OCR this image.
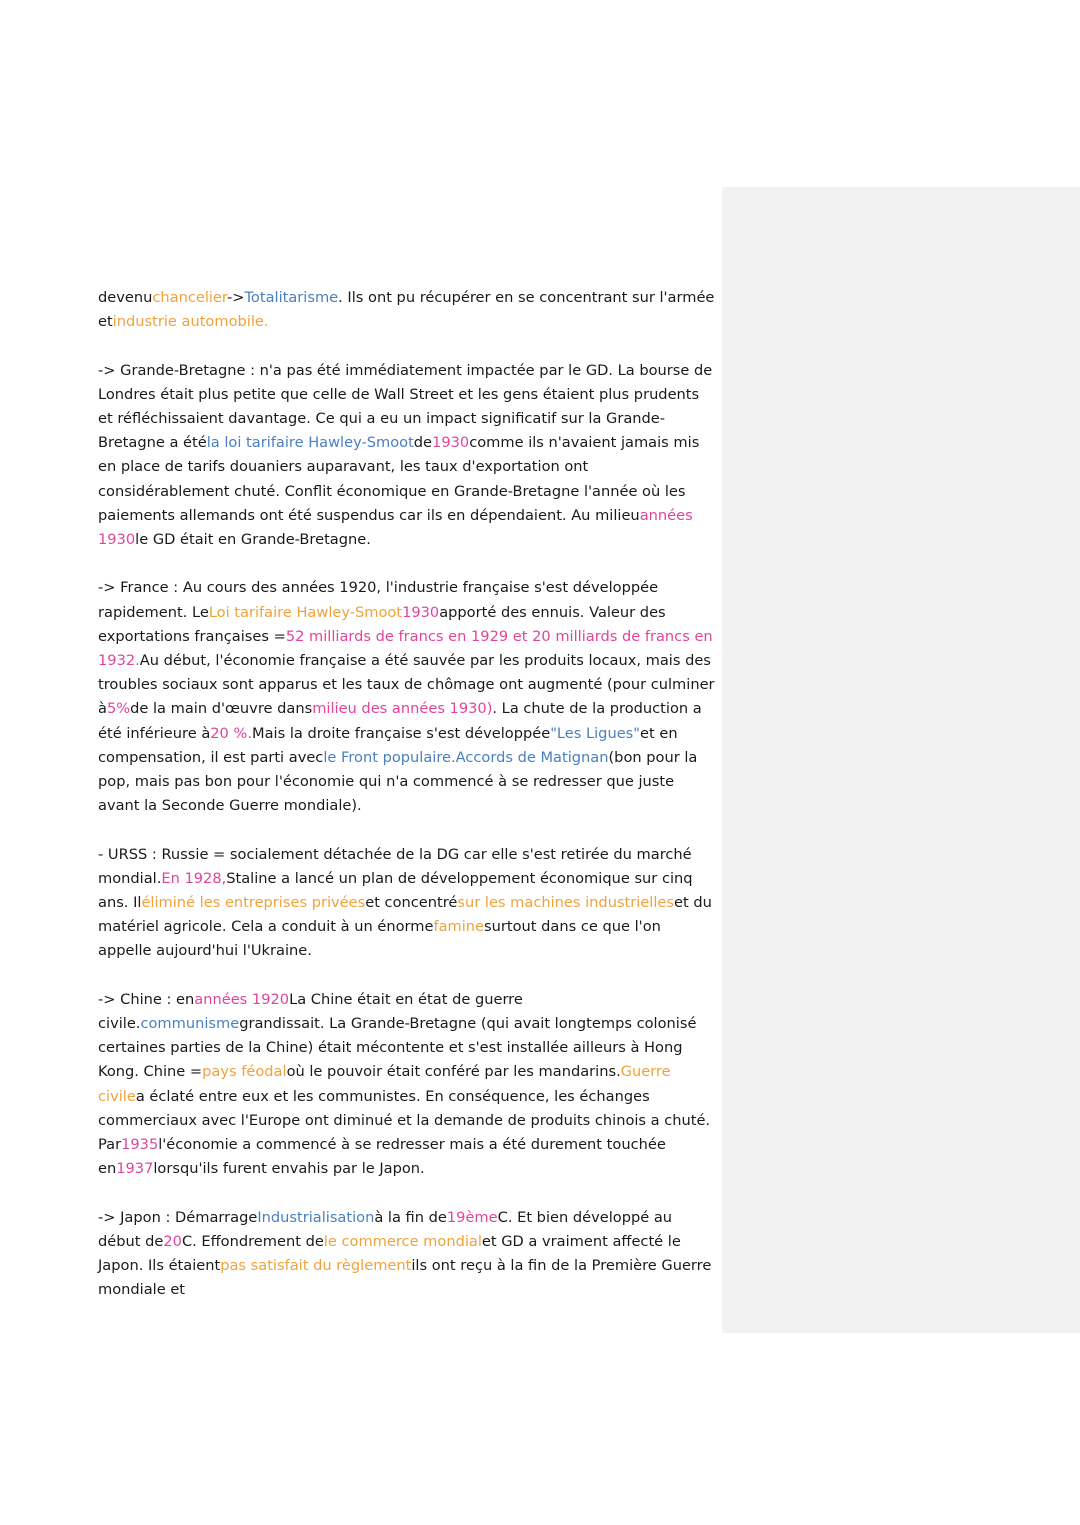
devenuchancelier->Totalitarisme. Ils ont pu récupérer en se concentrant sur l'armée etindustrie automobile.

-> Grande-Bretagne : n'a pas été immédiatement impactée par le GD. La bourse de Londres était plus petite que celle de Wall Street et les gens étaient plus prudents et réfléchissaient davantage. Ce qui a eu un impact significatif sur la Grande-Bretagne a étéla loi tarifaire Hawley-Smootde1930comme ils n'avaient jamais mis en place de tarifs douaniers auparavant, les taux d'exportation ont considérablement chuté. Conflit économique en Grande-Bretagne l'année où les paiements allemands ont été suspendus car ils en dépendaient. Au milieuannées 1930le GD était en Grande-Bretagne.

-> France : Au cours des années 1920, l'industrie française s'est développée rapidement. LeLoi tarifaire Hawley-Smoot1930apporté des ennuis. Valeur des exportations françaises =52 milliards de francs en 1929 et 20 milliards de francs en 1932.Au début, l'économie française a été sauvée par les produits locaux, mais des troubles sociaux sont apparus et les taux de chômage ont augmenté (pour culminer à5%de la main d'œuvre dansmilieu des années 1930). La chute de la production a été inférieure à20 %.Mais la droite française s'est développée"Les Ligues"et en compensation, il est parti avecle Front populaire.Accords de Matignan(bon pour la pop, mais pas bon pour l'économie qui n'a commencé à se redresser que juste avant la Seconde Guerre mondiale).

- URSS : Russie = socialement détachée de la DG car elle s'est retirée du marché mondial.En 1928,Staline a lancé un plan de développement économique sur cinq ans. Iléliminé les entreprises privéeset concentrésur les machines industrielleset du matériel agricole. Cela a conduit à un énormefaminesurtout dans ce que l'on appelle aujourd'hui l'Ukraine.

-> Chine : enannées 1920La Chine était en état de guerre civile.communismegrandissait. La Grande-Bretagne (qui avait longtemps colonisé certaines parties de la Chine) était mécontente et s'est installée ailleurs à Hong Kong. Chine =pays féodaloù le pouvoir était conféré par les mandarins.Guerre civilea éclaté entre eux et les communistes. En conséquence, les échanges commerciaux avec l'Europe ont diminué et la demande de produits chinois a chuté. Par1935l'économie a commencé à se redresser mais a été durement touchée en1937lorsqu'ils furent envahis par le Japon.

-> Japon : DémarrageIndustrialisationà la fin de19èmeC. Et bien développé au début de20C. Effondrement dele commerce mondialet GD a vraiment affecté le Japon. Ils étaientpas satisfait du règlementils ont reçu à la fin de la Première Guerre mondiale et
